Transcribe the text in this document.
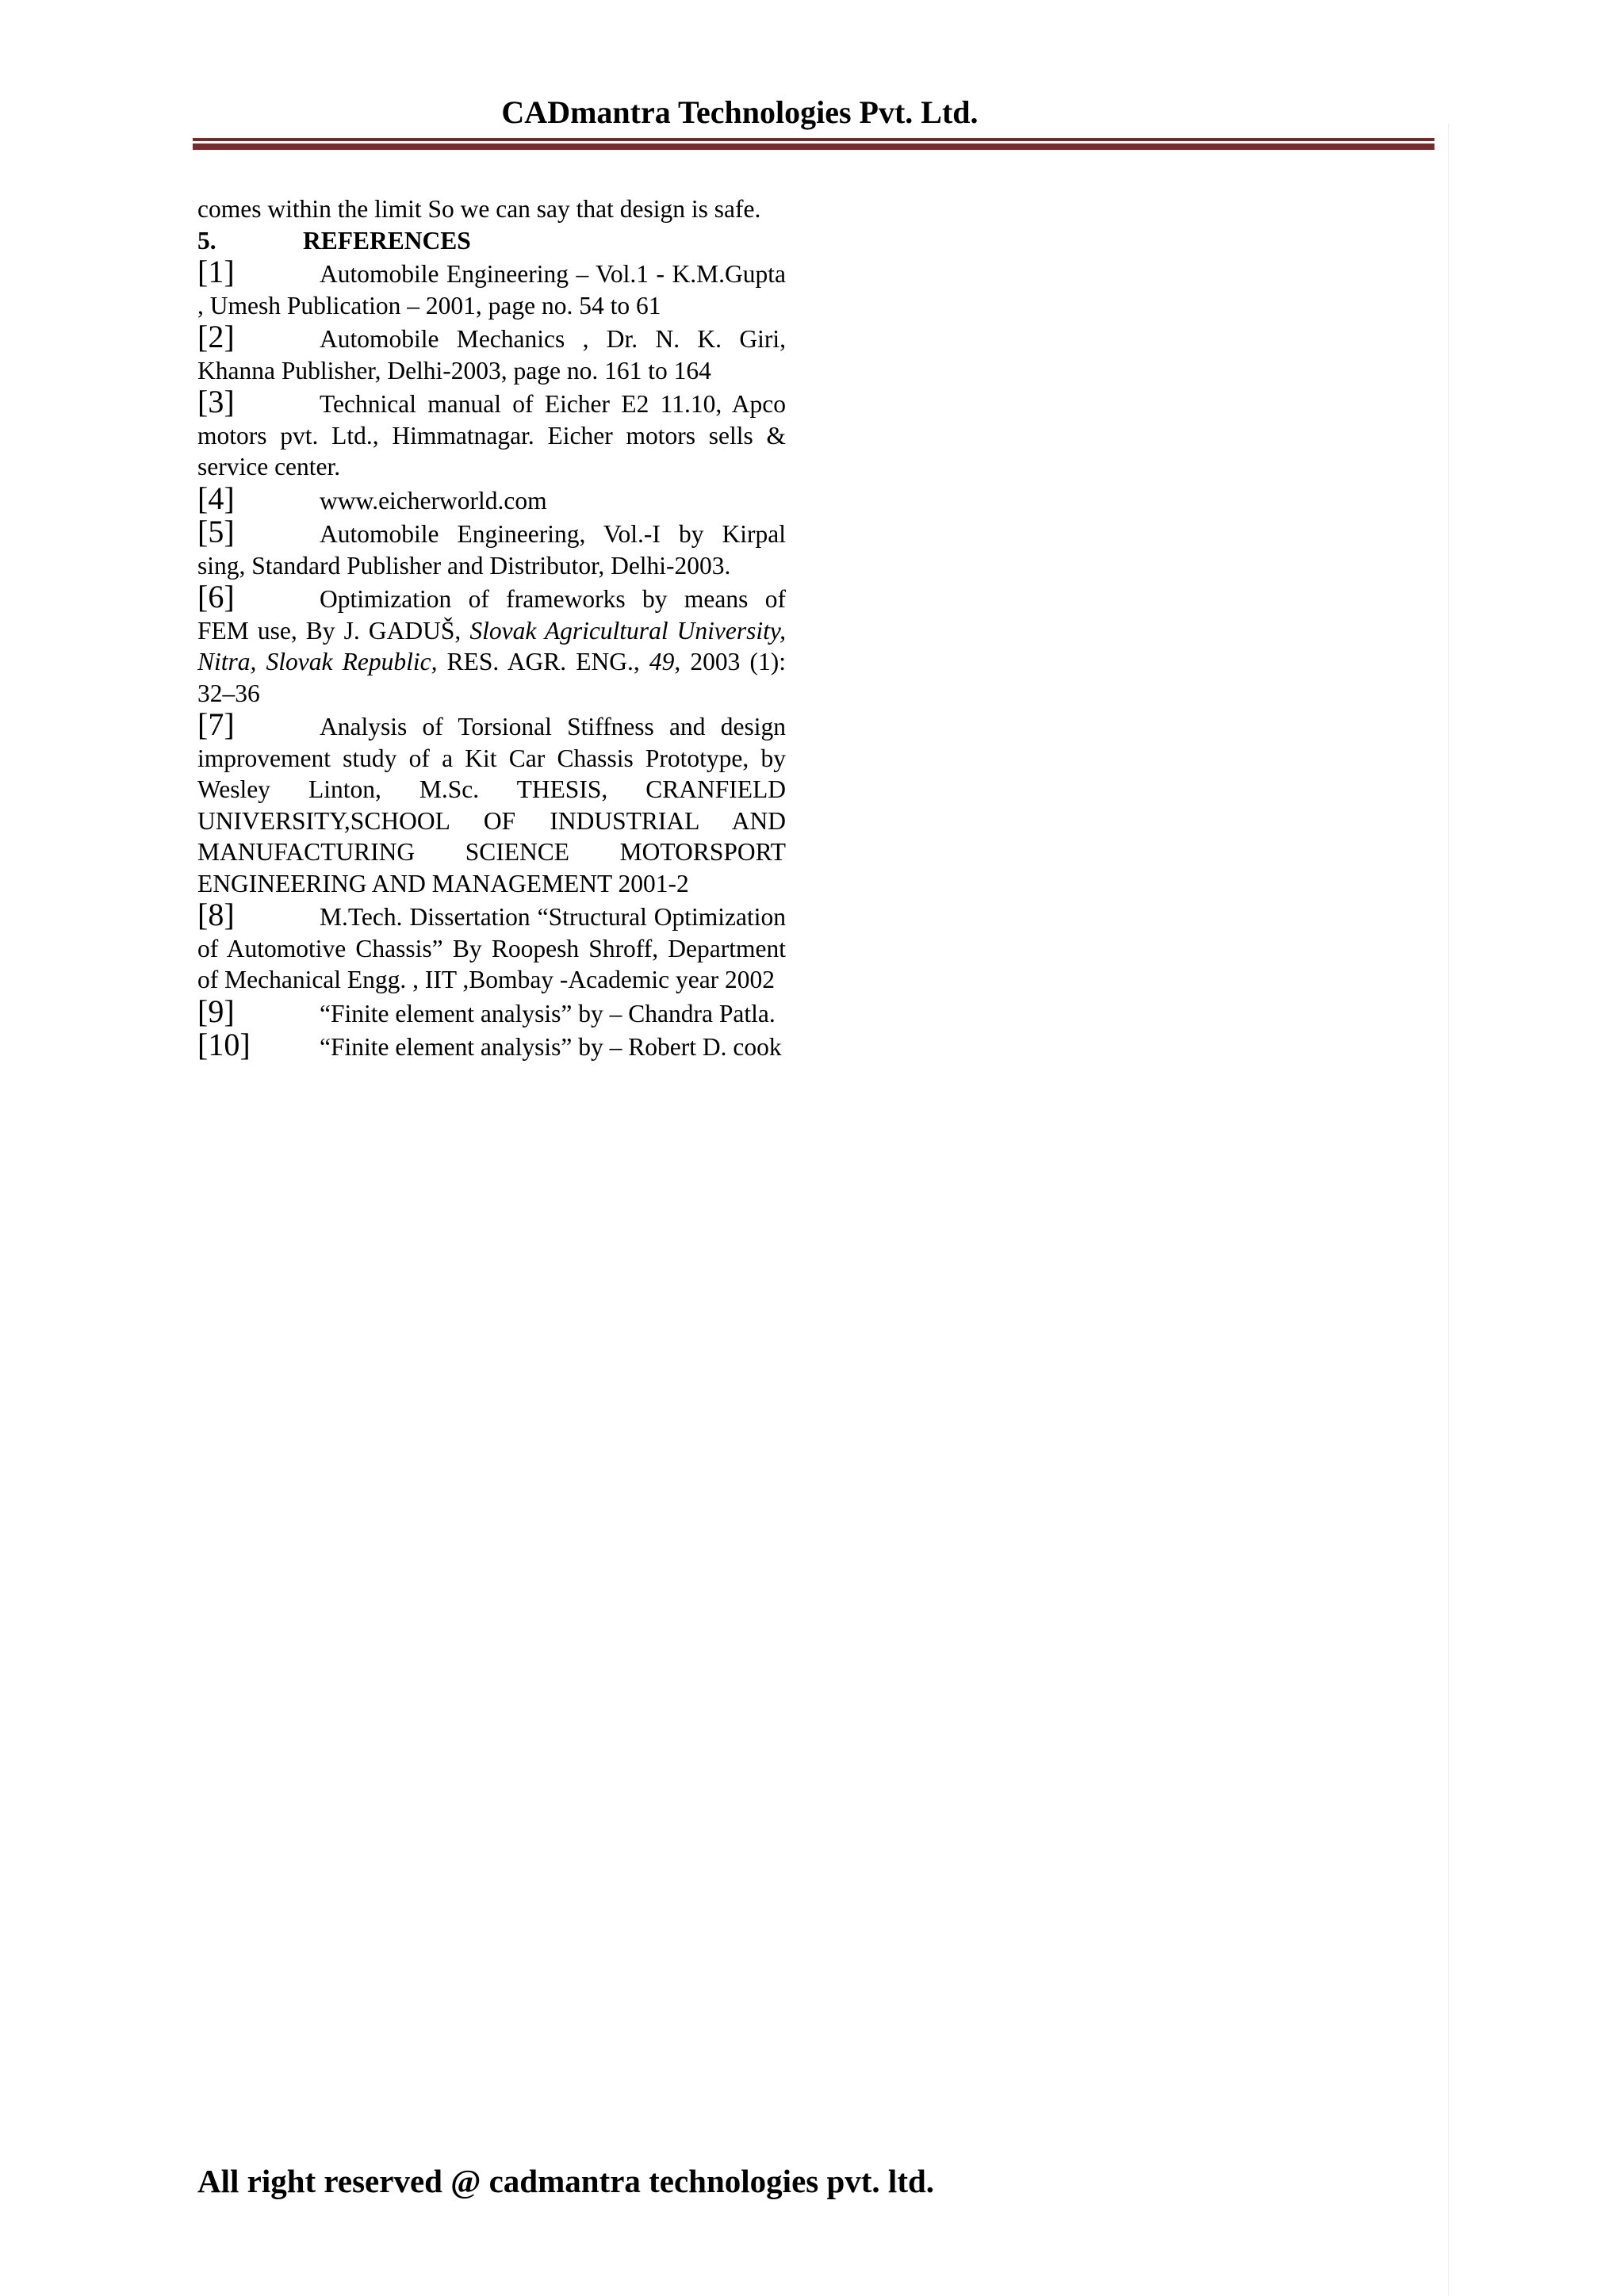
CADmantra Technologies Pvt. Ltd.

comes within the limit So we can say that design is safe.

5.	REFERENCES

[1]	Automobile Engineering – Vol.1 - K.M.Gupta , Umesh Publication – 2001, page no. 54 to 61

[2]	Automobile Mechanics , Dr. N. K. Giri, Khanna Publisher, Delhi-2003, page no. 161 to 164

[3]	Technical manual of Eicher E2 11.10, Apco motors pvt. Ltd., Himmatnagar. Eicher motors sells & service center.

[4]	www.eicherworld.com

[5]	Automobile Engineering, Vol.-I by Kirpal sing, Standard Publisher and Distributor, Delhi-2003.

[6]	Optimization of frameworks by means of FEM use, By J. GADUŠ, Slovak Agricultural University, Nitra, Slovak Republic, RES. AGR. ENG., 49, 2003 (1): 32–36

[7]	Analysis of Torsional Stiffness and design improvement study of a Kit Car Chassis Prototype, by Wesley Linton, M.Sc. THESIS, CRANFIELD UNIVERSITY,SCHOOL OF INDUSTRIAL AND MANUFACTURING SCIENCE MOTORSPORT ENGINEERING AND MANAGEMENT 2001-2

[8]	M.Tech. Dissertation “Structural Optimization of Automotive Chassis” By Roopesh Shroff, Department of Mechanical Engg. , IIT ,Bombay -Academic year 2002

[9]	“Finite element analysis” by – Chandra Patla.

[10]	“Finite element analysis” by – Robert D. cook

All right reserved @ cadmantra technologies pvt. ltd.
